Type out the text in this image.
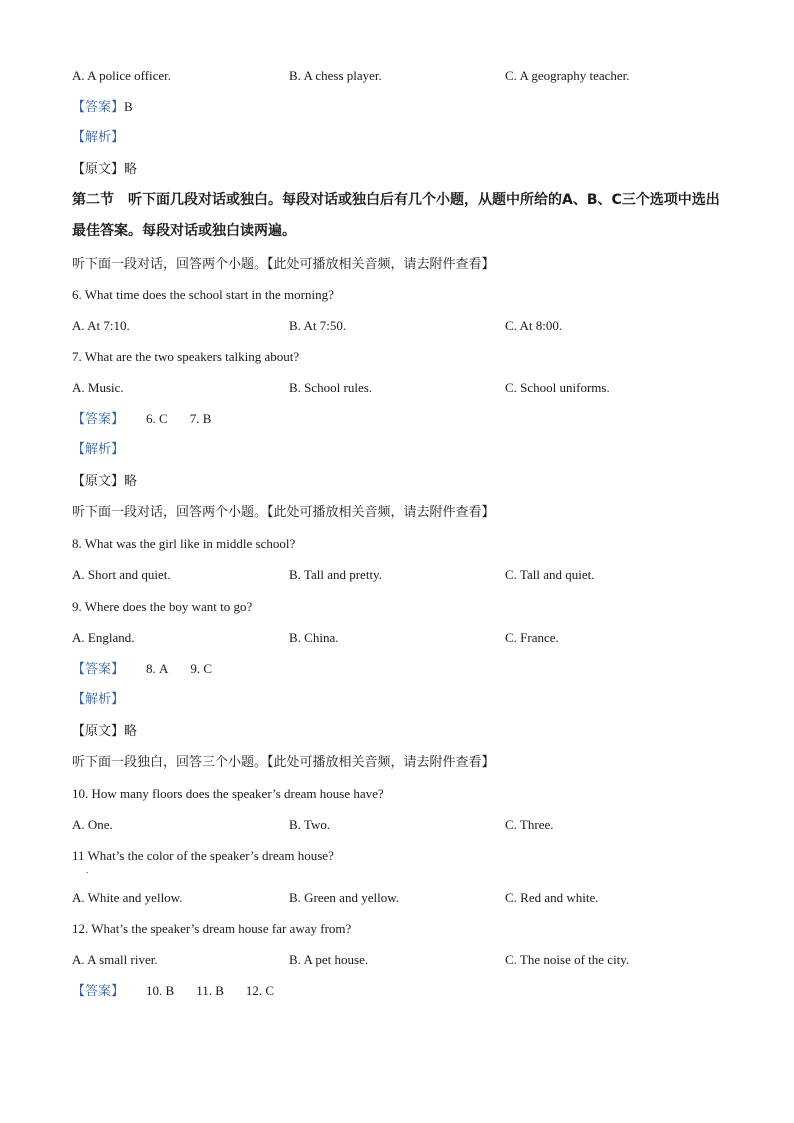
A. A police officer.	B. A chess player.	C. A geography teacher.
【答案】B
【解析】
【原文】略
第二节　听下面几段对话或独白。每段对话或独白后有几个小题，从题中所给的A、B、C三个选项中选出最佳答案。每段对话或独白读两遍。
听下面一段对话，回答两个小题。【此处可播放相关音频，请去附件查看】
6. What time does the school start in the morning?
A. At 7:10.	B. At 7:50.	C. At 8:00.
7. What are the two speakers talking about?
A. Music.	B. School rules.	C. School uniforms.
【答案】 6. C 7. B
【解析】
【原文】略
听下面一段对话，回答两个小题。【此处可播放相关音频，请去附件查看】
8. What was the girl like in middle school?
A. Short and quiet.	B. Tall and pretty.	C. Tall and quiet.
9. Where does the boy want to go?
A. England.	B. China.	C. France.
【答案】 8. A 9. C
【解析】
【原文】略
听下面一段独白，回答三个小题。【此处可播放相关音频，请去附件查看】
10. How many floors does the speaker’s dream house have?
A. One.	B. Two.	C. Three.
11 What’s the color of the speaker’s dream house?
.
A. White and yellow.	B. Green and yellow.	C. Red and white.
12. What’s the speaker’s dream house far away from?
A. A small river.	B. A pet house.	C. The noise of the city.
【答案】 10. B 11. B 12. C
